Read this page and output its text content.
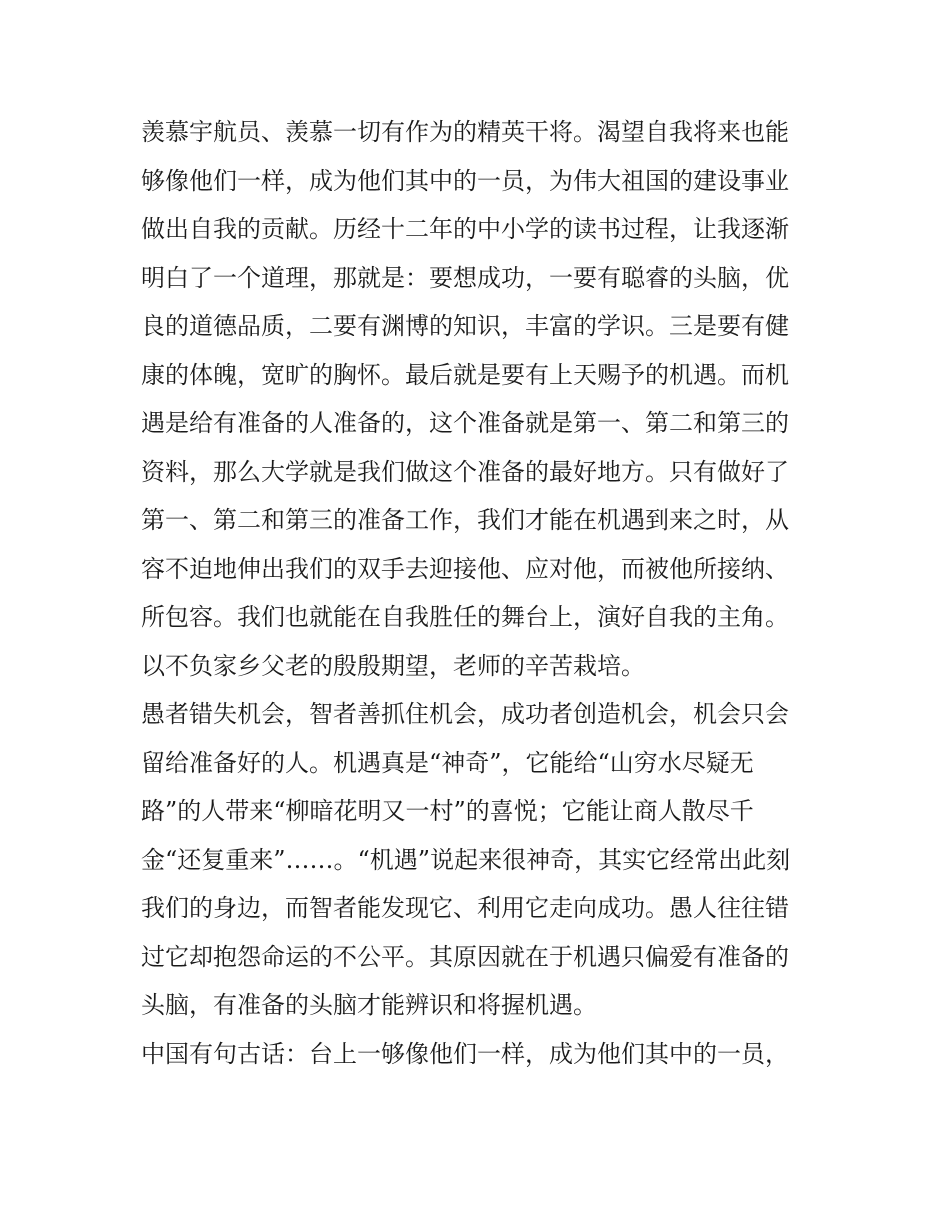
羡慕宇航员、羡慕一切有作为的精英干将。渴望自我将来也能
够像他们一样，成为他们其中的一员，为伟大祖国的建设事业
做出自我的贡献。历经十二年的中小学的读书过程，让我逐渐
明白了一个道理，那就是：要想成功，一要有聪睿的头脑，优
良的道德品质，二要有渊博的知识，丰富的学识。三是要有健
康的体魄，宽旷的胸怀。最后就是要有上天赐予的机遇。而机
遇是给有准备的人准备的，这个准备就是第一、第二和第三的
资料，那么大学就是我们做这个准备的最好地方。只有做好了
第一、第二和第三的准备工作，我们才能在机遇到来之时，从
容不迫地伸出我们的双手去迎接他、应对他，而被他所接纳、
所包容。我们也就能在自我胜任的舞台上，演好自我的主角。
以不负家乡父老的殷殷期望，老师的辛苦栽培。
愚者错失机会，智者善抓住机会，成功者创造机会，机会只会
留给准备好的人。机遇真是“神奇”，它能给“山穷水尽疑无
路”的人带来“柳暗花明又一村”的喜悦；它能让商人散尽千
金“还复重来”……。“机遇”说起来很神奇，其实它经常出此刻
我们的身边，而智者能发现它、利用它走向成功。愚人往往错
过它却抱怨命运的不公平。其原因就在于机遇只偏爱有准备的
头脑，有准备的头脑才能辨识和将握机遇。
中国有句古话：台上一够像他们一样，成为他们其中的一员，
